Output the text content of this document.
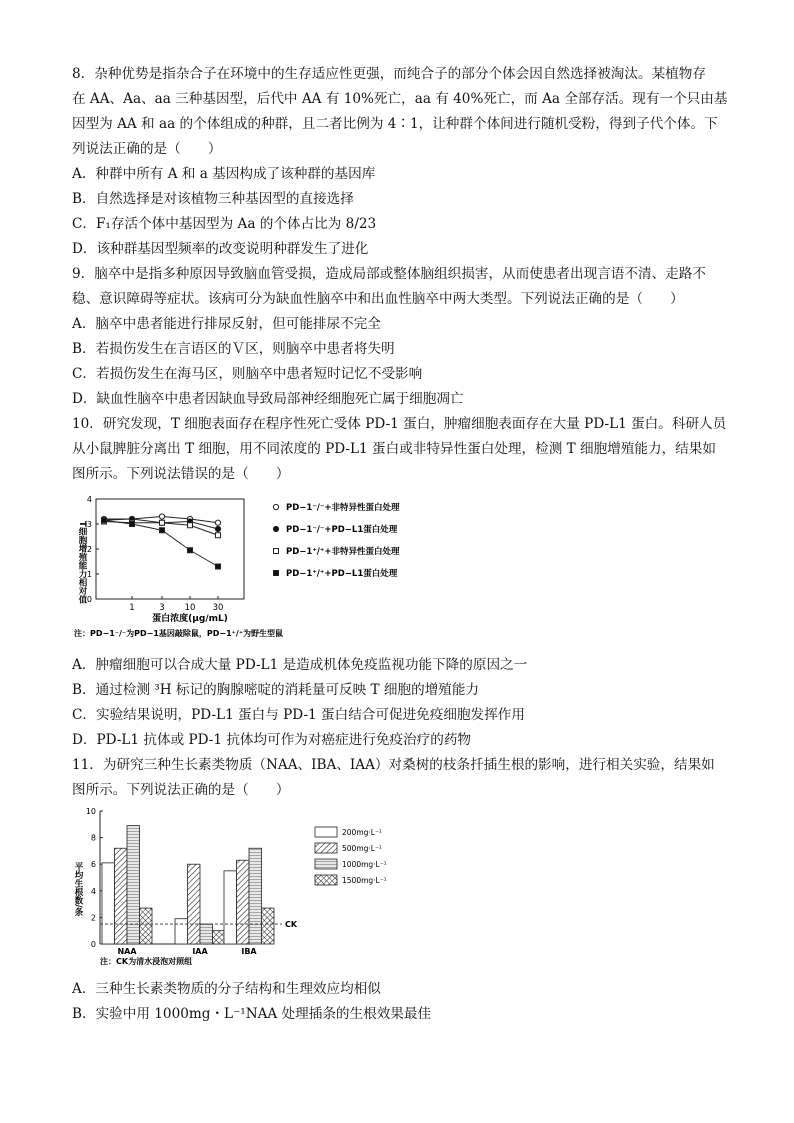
8．杂种优势是指杂合子在环境中的生存适应性更强，而纯合子的部分个体会因自然选择被淘汰。某植物存
在 AA、Aa、aa 三种基因型，后代中 AA 有 10%死亡，aa 有 40%死亡，而 Aa 全部存活。现有一个只由基
因型为 AA 和 aa 的个体组成的种群，且二者比例为 4∶1，让种群个体间进行随机受粉，得到子代个体。下
列说法正确的是（　　）
A．种群中所有 A 和 a 基因构成了该种群的基因库
B．自然选择是对该植物三种基因型的直接选择
C．F₁存活个体中基因型为 Aa 的个体占比为 8/23
D．该种群基因型频率的改变说明种群发生了进化
9．脑卒中是指多种原因导致脑血管受损，造成局部或整体脑组织损害，从而使患者出现言语不清、走路不
稳、意识障碍等症状。该病可分为缺血性脑卒中和出血性脑卒中两大类型。下列说法正确的是（　　）
A．脑卒中患者能进行排尿反射，但可能排尿不完全
B．若损伤发生在言语区的Ｖ区，则脑卒中患者将失明
C．若损伤发生在海马区，则脑卒中患者短时记忆不受影响
D．缺血性脑卒中患者因缺血导致局部神经细胞死亡属于细胞凋亡
10．研究发现，T 细胞表面存在程序性死亡受体 PD-1 蛋白，肿瘤细胞表面存在大量 PD-L1 蛋白。科研人员
从小鼠脾脏分离出 T 细胞，用不同浓度的 PD-L1 蛋白或非特异性蛋白处理，检测 T 细胞增殖能力，结果如
图所示。下列说法错误的是（　　）
0
1
2
3
4
1	3 10 30
PD−1⁻/⁻+非特异性蛋白处理
PD−1⁻/⁻+PD−L1蛋白处理
PD−1⁺/⁺+非特异性蛋白处理
PD−1⁺/⁺+PD−L1蛋白处理
T细胞增殖能力相对值
蛋白浓度(μg/mL)
注：PD−1⁻/⁻为PD−1基因敲除鼠，PD−1⁺/⁺为野生型鼠
A．肿瘤细胞可以合成大量 PD-L1 是造成机体免疫监视功能下降的原因之一
B．通过检测 ³H 标记的胸腺嘧啶的消耗量可反映 T 细胞的增殖能力
C．实验结果说明，PD-L1 蛋白与 PD-1 蛋白结合可促进免疫细胞发挥作用
D．PD-L1 抗体或 PD-1 抗体均可作为对癌症进行免疫治疗的药物
11．为研究三种生长素类物质（NAA、IBA、IAA）对桑树的枝条扦插生根的影响，进行相关实验，结果如
图所示。下列说法正确的是（　　）
0
2
4
6
8
10
NAA	IAA	IBA
CK
200mg·L⁻¹
500mg·L⁻¹
1000mg·L⁻¹
1500mg·L⁻¹
平均生根数/条
注：CK为清水浸泡对照组
A．三种生长素类物质的分子结构和生理效应均相似
B．实验中用 1000mg・L⁻¹NAA 处理插条的生根效果最佳
